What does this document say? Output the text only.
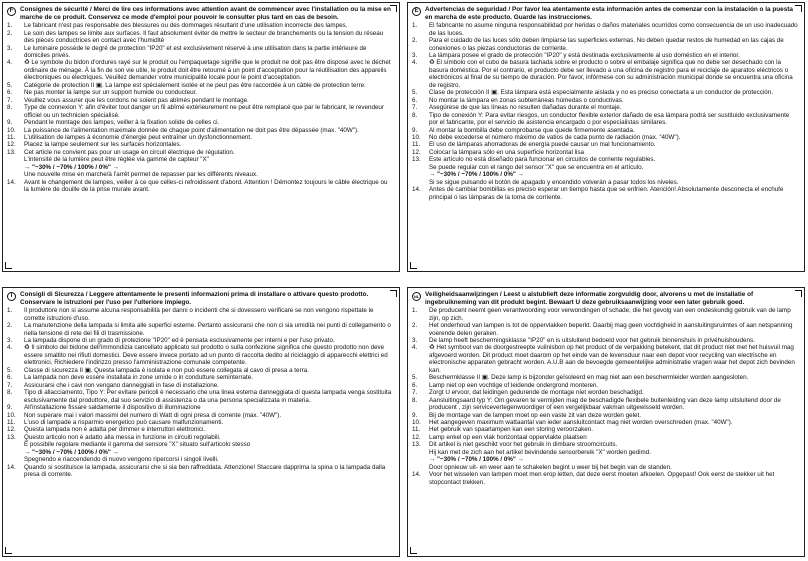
F	Consignes de sécurité / Merci de lire ces informations avec attention avant de commencer avec l'installation ou la mise en marche de ce produit. Conservez ce mode d'emploi pour pouvoir le consulter plus tard en cas de besoin.
1.	Le fabricant n'est pas responsable des blessures ou des dommages résultant d'une utilisation incorrecte des lampes.
2.	Le soin des lampes se limite aux surfaces. Il faut absolument éviter de mettre le secteur de branchements ou la tension du réseau des pièces conductrices en contact avec l'humidité
3.	Le luminaire possède le degré de protection "IP20" et est exclusivement réservé à une utilisation dans la partie intérieure de domiciles privés.
4.	♻ Le symbole du bidon d'ordures rayé sur le produit ou l'empaquetage signifie que le produit ne doit pas être disposé avec le déchet ordinaire de ménage. À la fin de son vie utile, le produit doit être retourné à un point d'acceptation pour la réutilisation des appareils électroniques ou électriques. Veuillez demander votre municipalité locale pour le point d'acceptation.
5.	Catégorie de protection II ▣. La lampe est spécialement isolée et ne peut pas être raccordée à un câble de protection terre.
6.	Ne pas monter la lampe sur un support humide ou conducteur.
7.	Veuillez vous assurer que les cordons ne soient pas abîmés pendant le montage.
8.	Type de connexion Y: afin d'éviter tout danger un fil abîmé extérieurement ne peut être remplacé que par le fabricant, le revendeur officiel ou un technicien spécialisé.
9.	Pendant le montage des lampes, veiller à la fixation solide de celles ci.
10.	La puissance de l'alimentation maximale donnée de chaque point d'alimentation ne doit pas être dépassée (max. "40W").
11.	L'utilisation de lampes à économie d'énergie peut entraîner un dysfonctionnement.
12.	Placez la lampe seulement sur les surfaces horizontales.
13.	Cet article ne convient pas pour un usage en circuit électrique de régulation.
L'intensité de la lumière peut être réglée via gamme de capteur "X"
→ "~30% / ~70% / 100% / 0%" →
Une nouvelle mise en marche/à l'arrêt permet de repasser par les différents niveaux.
14.	Avant le changement de lampes, veiller à ce que celles-ci refroidissent d'abord. Attention ! Démontez toujours le câble électrique ou la lumière de douille de la prise murale avant.
E	Advertencias de seguridad / Por favor lea atentamente esta información antes de comenzar con la instalación o la puesta en marcha de este producto. Guarde las instrucciones.
1.	El fabricante no asume ninguna responsabilidad por heridas o daños materiales ocurridos como consecuencia de un uso inadecuado de las luces.
2.	Para el cuidado de las luces sólo deben limpiarse las superficies externas. No deben quedar restos de humedad en las cajas de conexiones o las piezas conductoras de corriente.
3.	La lámpara posee el grado de protección "IP20" y está destinada exclusivamente al uso doméstico en el interior.
4.	♻ El símbolo con el cubo de basura tachada sobre el producto o sobre el embalaje significa que no debe ser desechado con la basura doméstica. Por el contrario, el producto debe ser llevado a una oficina de registro para el reciclaje de aparatos eléctricos o electrónicos al final de su tiempo de duración. Por favor, infórmese con su administración municipal donde se encuentra una oficina de registro.
5.	Clase de protección II ▣. Esta lámpara está especialmente aislada y no es preciso conectarla a un conductor de protección.
6.	No montar la lámpara en zonas subterráneas húmedas o conductivas.
7.	Asegúrese de que las líneas no resulten dañadas durante el montaje.
8.	Tipo de conexión Y: Para evitar riesgos, un conductor flexible exterior dañado de esa lámpara podrá ser sustituido exclusivamente por el fabricante, por el servicio de asistencia encargado o por especialistas similares.
9.	Al montar la bombilla debe comprobarse que quede firmemente asentada.
10.	No debe excederse el número máximo de vatios de cada punto de radiación (max. "40W").
11.	El uso de lámparas ahorradoras de energía puede causar un mal funcionamiento.
12.	Colocar la lámpara sólo en una superficie horizontal lisa
13.	Este artículo no está diseñado para funcionar en circuitos de corriente regulables.
Se puede regular con el rango del sensor "X" que se encuentra en el artículo.
→ "~30% / ~70% / 100% / 0%" →
Si se sigue pulsando el botón de apagado y encendido volverán a pasar todos los niveles.
14.	Antes de cambiar bombillas es preciso esperar un tiempo hasta que se enfríen. Atención! Absolutamente desconecta el enchufe principal o las lámparas de la toma de corriente.
I	Consigli di Sicurezza / Leggere attentamente le presenti informazioni prima di installare o attivare questo prodotto. Conservare le istruzioni per l'uso per l'ulteriore impiego.
1.	Il produttore non si assume alcuna responsabilità per danni o incidenti che si dovessero verificare se non vengono rispettate le corrette istruzioni d'uso.
2.	La manutenzione della lampada si limita alle superfici esterne. Pertanto assicurarsi che non ci sia umidità nei punti di collegamento o nella tensione di rete dei fili di trasmissione.
3.	La lampada dispone di un grado di protezione "IP20" ed è pensata esclusivamente per interni e per l'uso privato.
4.	♻ Il simbolo del bidone dell'immondizia cancellato applicato sul prodotto o sulla confezione significa che questo prodotto non deve essere smaltito nei rifiuti domestici. Deve essere invece portato ad un punto di raccolta dedito al riciclaggio di apparecchi elettrici ed elettronici. Richiedere l'indirizzo presso l'amministrazione comunale competente.
5.	Classe di sicurezza II ▣. Questa lampada è isolata e non può essere collegata al cavo di presa a terra.
6.	La lampada non deve essere installata in zone umide o in condutture seminterrate.
7.	Assicurarsi che i cavi non vengano danneggiati in fase di installazione.
8.	Tipo di allacciamento, Tipo Y: Per evitare pericoli è necessario che una linea esterna danneggiata di questa lampada venga sostituita esclusivamente dal produttore, dal suo servizio di assistenza o da una persona specializzata in materia.
9.	All'installazione fissare saldamente il dispositivo di illuminazione
10.	Non superare mai i valori massimi del numero di Watt di ogni presa di corrente (max. "40W").
11.	L'uso di lampade a risparmio energetico può causare malfunzionamenti.
12.	Questa lampada non è adatta per dimmer e interruttori elettronici.
13.	Questo articolo non è adatto alla messa in funzione in circuiti regolabili.
È possibile regolare mediante il gamma del sensore "X" situato sull'articolo stesso
→ "~30% / ~70% / 100% / 0%" →
Spegnendo e riaccendendo di nuovo vengono ripercorsi i singoli livelli.
14.	Quando si sostituisce la lampada, assicurarsi che si sia ben raffreddata. Attenzione! Staccare dapprima la spina o la lampada dalla presa di corrente.
NL Veiligheidsaanwijzingen / Leest u alstublieft deze informatie zorgvuldig door, alvorens u met de installatie of ingebruikneming van dit produkt begint. Bewaart U deze gebruiksaanwijzing voor een later gebruik goed.
1.	De producent neemt geen verantwoording voor verwondingen of schade, die het gevolg van een ondeskundig gebruik van de lamp zijn, op zich.
2.	Het onderhoud van lampen is tot de oppervlakken beperkt. Daarbij mag geen vochtigheid in aansluitingsruimtes of aan netspanning voerende delen geraken.
3.	De lamp heeft beschermingsklasse "IP20" en is uitsluitend bedoeld voor het gebruik binnenshuis in privéhuishoudens.
4.	♻ Het symbool van de doorgestreepte vuilnisbon op het product of de verpakking betekent, dat dit product niet met het huisvuil mag afgevoerd worden. Dit product moet daarom op het einde van de levensduur naar een depot voor recycling van electrische en electronische apparaten gebracht worden. A.U.B aan de bevoegde gemeentelijke administratie vragen waar het depot zich bevinden kan.
5.	Beschermklasse II ▣. Deze lamp is bijzonder geïsoleerd en mag niet aan een beschermleider worden aangesloten.
6.	Lamp niet op een vochtige of leidende ondergrond monteren.
7.	Zorgt U ervoor, dat leidingen gedurende de montage niet worden beschadigd.
8.	Aansluitingsaard typ Y: Om gevaren te vermijden mag de beschadigde flexibele buitenleiding van deze lamp uitsluitend door de producent , zijn servicevertegenwoordiger of een vergelijkbaar vakman uitgewisseld worden.
9.	Bij de montage van de lampen moet op een vaste zit van deze worden gelet.
10.	Het aangegeven maximum wattaantal van ieder aansluitcontact mag niet worden overschreden (max. "40W").
11.	Het gebruik van spaarlampen kan een storing veroorzaken.
12.	Lamp enkel op een vlak horizontaal oppervlakte plaatsen
13.	Dit artikel is niet geschikt voor het gebruik in dimbare stroomcircuits.
Hij kan met de zich aan het artikel bevindende sensorbereik "X" worden gedimd.
→ "~30% / ~70% / 100% / 0%" →
Door opnieuw uit- en weer aan te schakelen begint u weer bij het begin van de standen.
14.	Voor het wisselen van lampen moet men erop letten, dat deze eerst moeten afkoelen. Opgepast! Ook eerst de stekker uit het stopcontact trekken.
